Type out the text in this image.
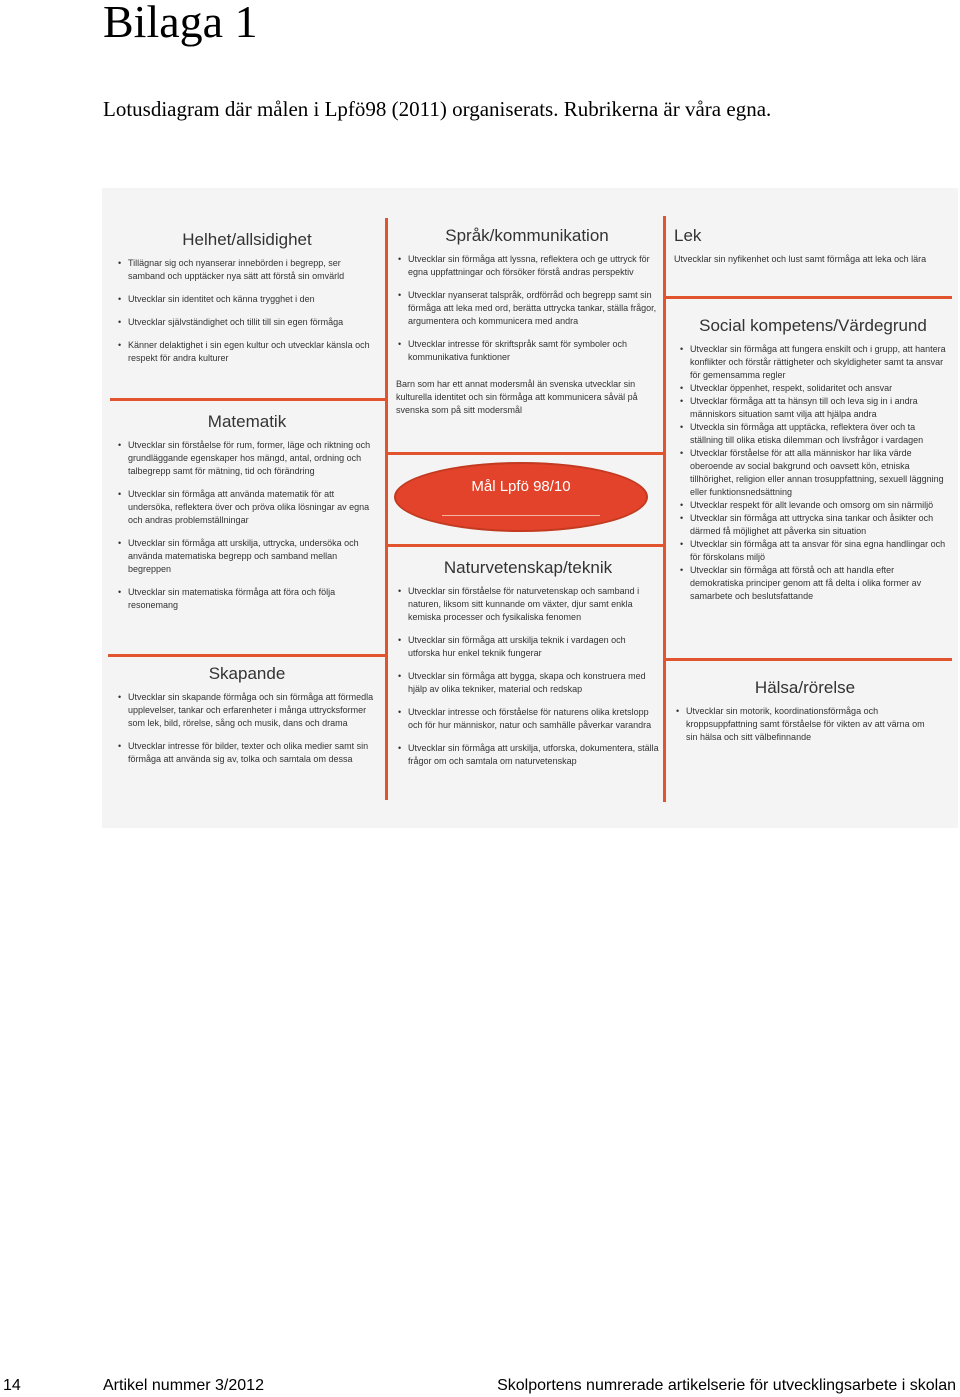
Bilaga 1

Lotusdiagram där målen i Lpfö98 (2011) organiserats. Rubrikerna är våra egna.

Helhet/allsidighet
• Tillägnar sig och nyanserar innebörden i begrepp, ser samband och upptäcker nya sätt att förstå sin omvärld
• Utvecklar sin identitet och känna trygghet i den
• Utvecklar självständighet och tillit till sin egen förmåga
• Känner delaktighet i sin egen kultur och utvecklar känsla och respekt för andra kulturer
Språk/kommunikation
• Utvecklar sin förmåga att lyssna, reflektera och ge uttryck för egna uppfattningar och försöker förstå andras perspektiv
• Utvecklar nyanserat talspråk, ordförråd och begrepp samt sin förmåga att leka med ord, berätta uttrycka tankar, ställa frågor, argumentera och kommunicera med andra
• Utvecklar intresse för skriftspråk samt för symboler och kommunikativa funktioner

Barn som har ett annat modersmål än svenska utvecklar sin kulturella identitet och sin förmåga att kommunicera såväl på svenska som på sitt modersmål

Lek

Utvecklar sin nyfikenhet och lust samt förmåga att leka och lära

Social kompetens/Värdegrund
• Utvecklar sin förmåga att fungera enskilt och i grupp, att hantera konflikter och förstår rättigheter och skyldigheter samt ta ansvar för gemensamma regler
• Utvecklar öppenhet, respekt, solidaritet och ansvar
• Utvecklar förmåga att ta hänsyn till och leva sig in i andra människors situation samt vilja att hjälpa andra
• Utveckla sin förmåga att upptäcka, reflektera över och ta ställning till olika etiska dilemman och livsfrågor i vardagen
• Utvecklar förståelse för att alla människor har lika värde oberoende av social bakgrund och oavsett kön, etniska tillhörighet, religion eller annan trosuppfattning, sexuell läggning eller funktionsnedsättning
• Utvecklar respekt för allt levande och omsorg om sin närmiljö
• Utvecklar sin förmåga att uttrycka sina tankar och åsikter och därmed få möjlighet att påverka sin situation
• Utvecklar sin förmåga att ta ansvar för sina egna handlingar och för förskolans miljö
• Utvecklar sin förmåga att förstå och att handla efter demokratiska principer genom att få delta i olika former av samarbete och beslutsfattande
Matematik
• Utvecklar sin förståelse för rum, former, läge och riktning och grundläggande egenskaper hos mängd, antal, ordning och talbegrepp samt för mätning, tid och förändring
• Utvecklar sin förmåga att använda matematik för att undersöka, reflektera över och pröva olika lösningar av egna och andras problemställningar
• Utvecklar sin förmåga att urskilja, uttrycka, undersöka och använda matematiska begrepp och samband mellan begreppen
• Utvecklar sin matematiska förmåga att föra och följa resonemang
Mål Lpfö 98/10
Naturvetenskap/teknik
• Utvecklar sin förståelse för naturvetenskap och samband i naturen, liksom sitt kunnande om växter, djur samt enkla kemiska processer och fysikaliska fenomen
• Utvecklar sin förmåga att urskilja teknik i vardagen och utforska hur enkel teknik fungerar
• Utvecklar sin förmåga att bygga, skapa och konstruera med hjälp av olika tekniker, material och redskap
• Utvecklar intresse och förståelse för naturens olika kretslopp och för hur människor, natur och samhälle påverkar varandra
• Utvecklar sin förmåga att urskilja, utforska, dokumentera, ställa frågor om och samtala om naturvetenskap
Skapande
• Utvecklar sin skapande förmåga och sin förmåga att förmedla upplevelser, tankar och erfarenheter i många uttrycksformer som lek, bild, rörelse, sång och musik, dans och drama
• Utvecklar intresse för bilder, texter och olika medier samt sin förmåga att använda sig av, tolka och samtala om dessa
Hälsa/rörelse
• Utvecklar sin motorik, koordinationsförmåga och kroppsuppfattning samt förståelse för vikten av att värna om sin hälsa och sitt välbefinnande
14	Artikel nummer 3/2012	Skolportens numrerade artikelserie för utvecklingsarbete i skolan
